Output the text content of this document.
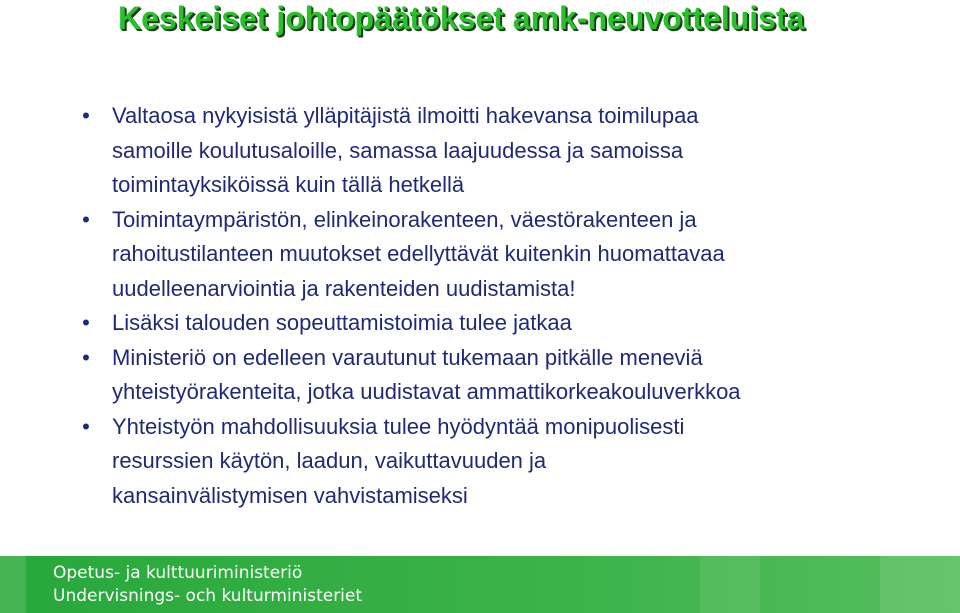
Keskeiset johtopäätökset amk-neuvotteluista
• Valtaosa nykyisistä ylläpitäjistä ilmoitti hakevansa toimilupaa
samoille koulutusaloille, samassa laajuudessa ja samoissa
toimintayksiköissä kuin tällä hetkellä
• Toimintaympäristön, elinkeinorakenteen, väestörakenteen ja
rahoitustilanteen muutokset edellyttävät kuitenkin huomattavaa
uudelleenarviointia ja rakenteiden uudistamista!
• Lisäksi talouden sopeuttamistoimia tulee jatkaa
• Ministeriö on edelleen varautunut tukemaan pitkälle meneviä
yhteistyörakenteita, jotka uudistavat ammattikorkeakouluverkkoa
• Yhteistyön mahdollisuuksia tulee hyödyntää monipuolisesti
resurssien käytön, laadun, vaikuttavuuden ja
kansainvälistymisen vahvistamiseksi
Opetus- ja kulttuuriministeriö
Undervisnings- och kulturministeriet
